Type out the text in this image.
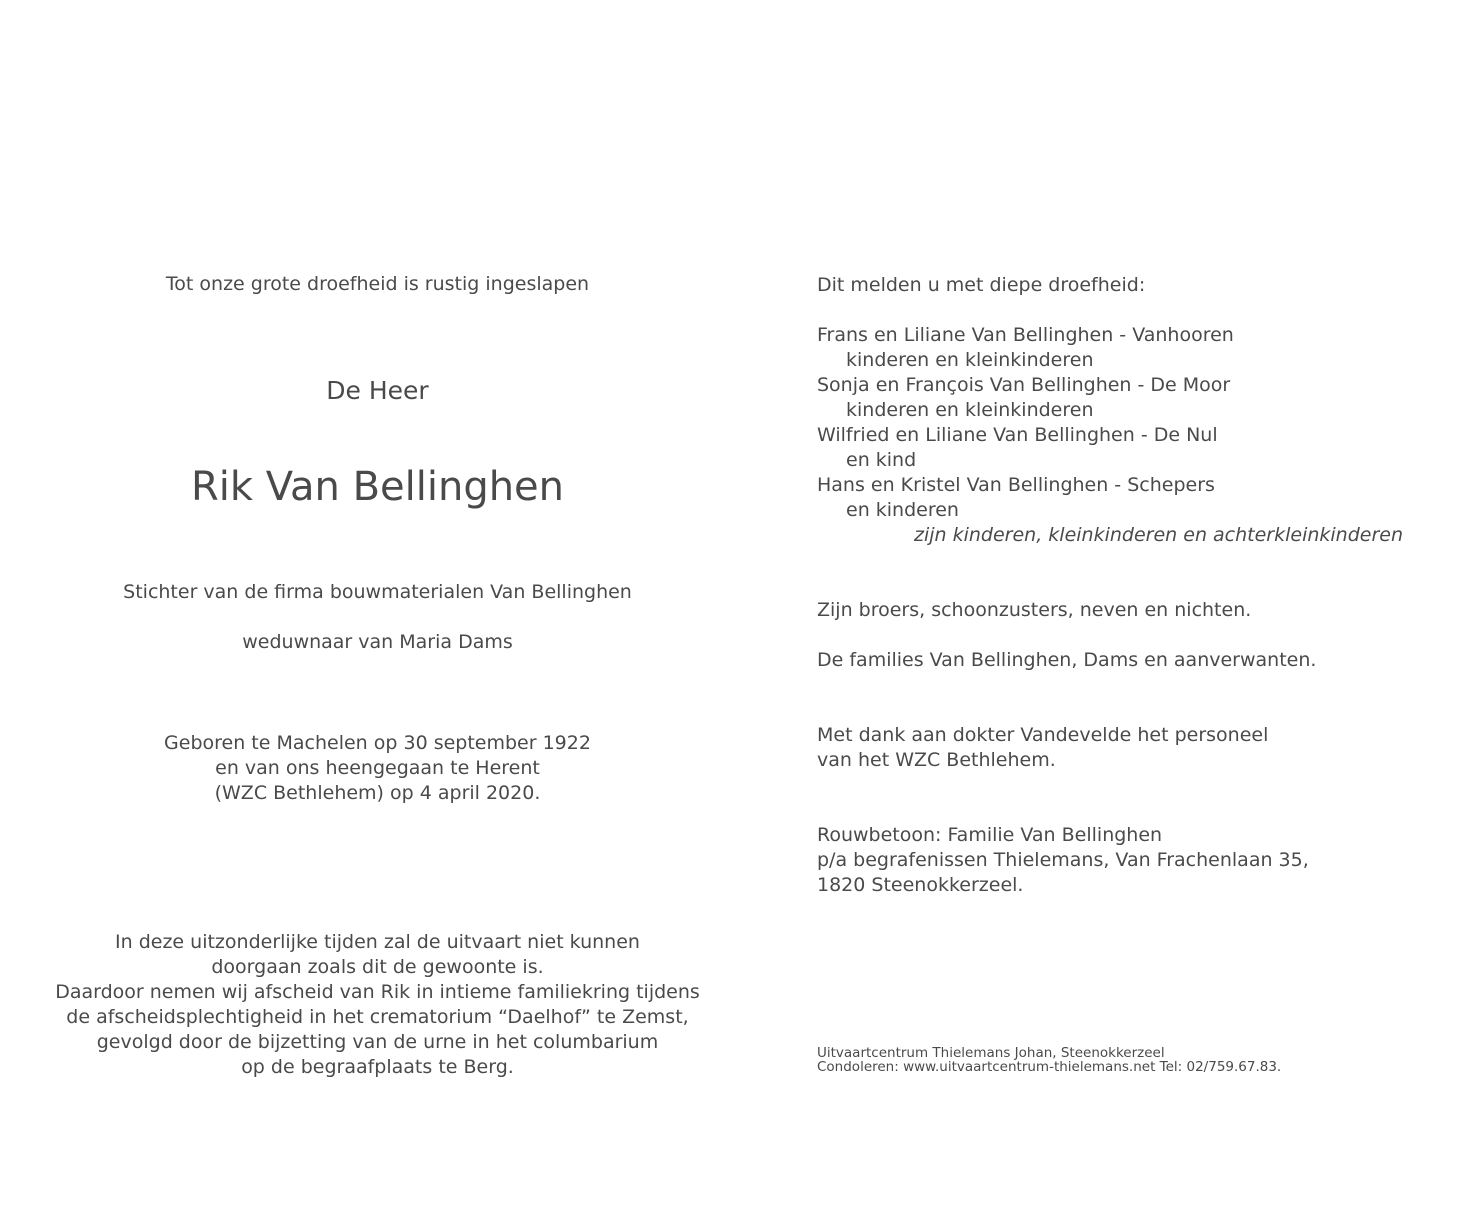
Tot onze grote droefheid is rustig ingeslapen
De Heer
Rik Van Bellinghen
Stichter van de firma bouwmaterialen Van Bellinghen
weduwnaar van Maria Dams
Geboren te Machelen op 30 september 1922
en van ons heengegaan te Herent
(WZC Bethlehem) op 4 april 2020.
In deze uitzonderlijke tijden zal de uitvaart niet kunnen
doorgaan zoals dit de gewoonte is.
Daardoor nemen wij afscheid van Rik in intieme familiekring tijdens
de afscheidsplechtigheid in het crematorium “Daelhof” te Zemst,
gevolgd door de bijzetting van de urne in het columbarium
op de begraafplaats te Berg.
Dit melden u met diepe droefheid:
Frans en Liliane Van Bellinghen - Vanhooren
kinderen en kleinkinderen
Sonja en François Van Bellinghen - De Moor
kinderen en kleinkinderen
Wilfried en Liliane Van Bellinghen - De Nul
en kind
Hans en Kristel Van Bellinghen - Schepers
en kinderen
zijn kinderen, kleinkinderen en achterkleinkinderen
Zijn broers, schoonzusters, neven en nichten.
De families Van Bellinghen, Dams en aanverwanten.
Met dank aan dokter Vandevelde het personeel
van het WZC Bethlehem.
Rouwbetoon: Familie Van Bellinghen
p/a begrafenissen Thielemans, Van Frachenlaan 35,
1820 Steenokkerzeel.
Uitvaartcentrum Thielemans Johan, Steenokkerzeel
Condoleren: www.uitvaartcentrum-thielemans.net Tel: 02/759.67.83.
